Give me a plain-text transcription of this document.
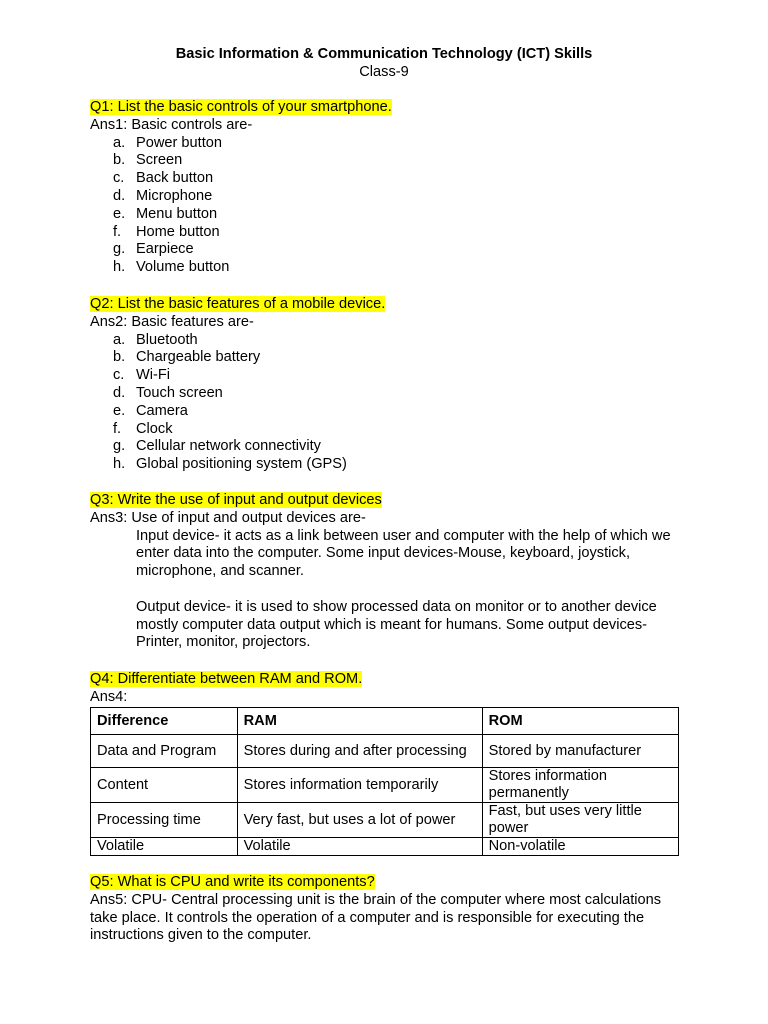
Basic Information & Communication Technology (ICT) Skills
Class-9
Q1: List the basic controls of your smartphone.
Ans1: Basic controls are-
a. Power button
b. Screen
c. Back button
d. Microphone
e. Menu button
f. Home button
g. Earpiece
h. Volume button
Q2: List the basic features of a mobile device.
Ans2: Basic features are-
a. Bluetooth
b. Chargeable battery
c. Wi-Fi
d. Touch screen
e. Camera
f. Clock
g. Cellular network connectivity
h. Global positioning system (GPS)
Q3: Write the use of input and output devices
Ans3: Use of input and output devices are-
Input device- it acts as a link between user and computer with the help of which we enter data into the computer. Some input devices-Mouse, keyboard, joystick, microphone, and scanner.
Output device- it is used to show processed data on monitor or to another device mostly computer data output which is meant for humans. Some output devices-Printer, monitor, projectors.
Q4: Differentiate between RAM and ROM.
Ans4:
Difference	RAM	ROM
Data and Program	Stores during and after processing	Stored by manufacturer
Content	Stores information temporarily	Stores information permanently
Processing time	Very fast, but uses a lot of power	Fast, but uses very little power
Volatile	Volatile	Non-volatile
Q5: What is CPU and write its components?
Ans5: CPU- Central processing unit is the brain of the computer where most calculations take place. It controls the operation of a computer and is responsible for executing the instructions given to the computer.
